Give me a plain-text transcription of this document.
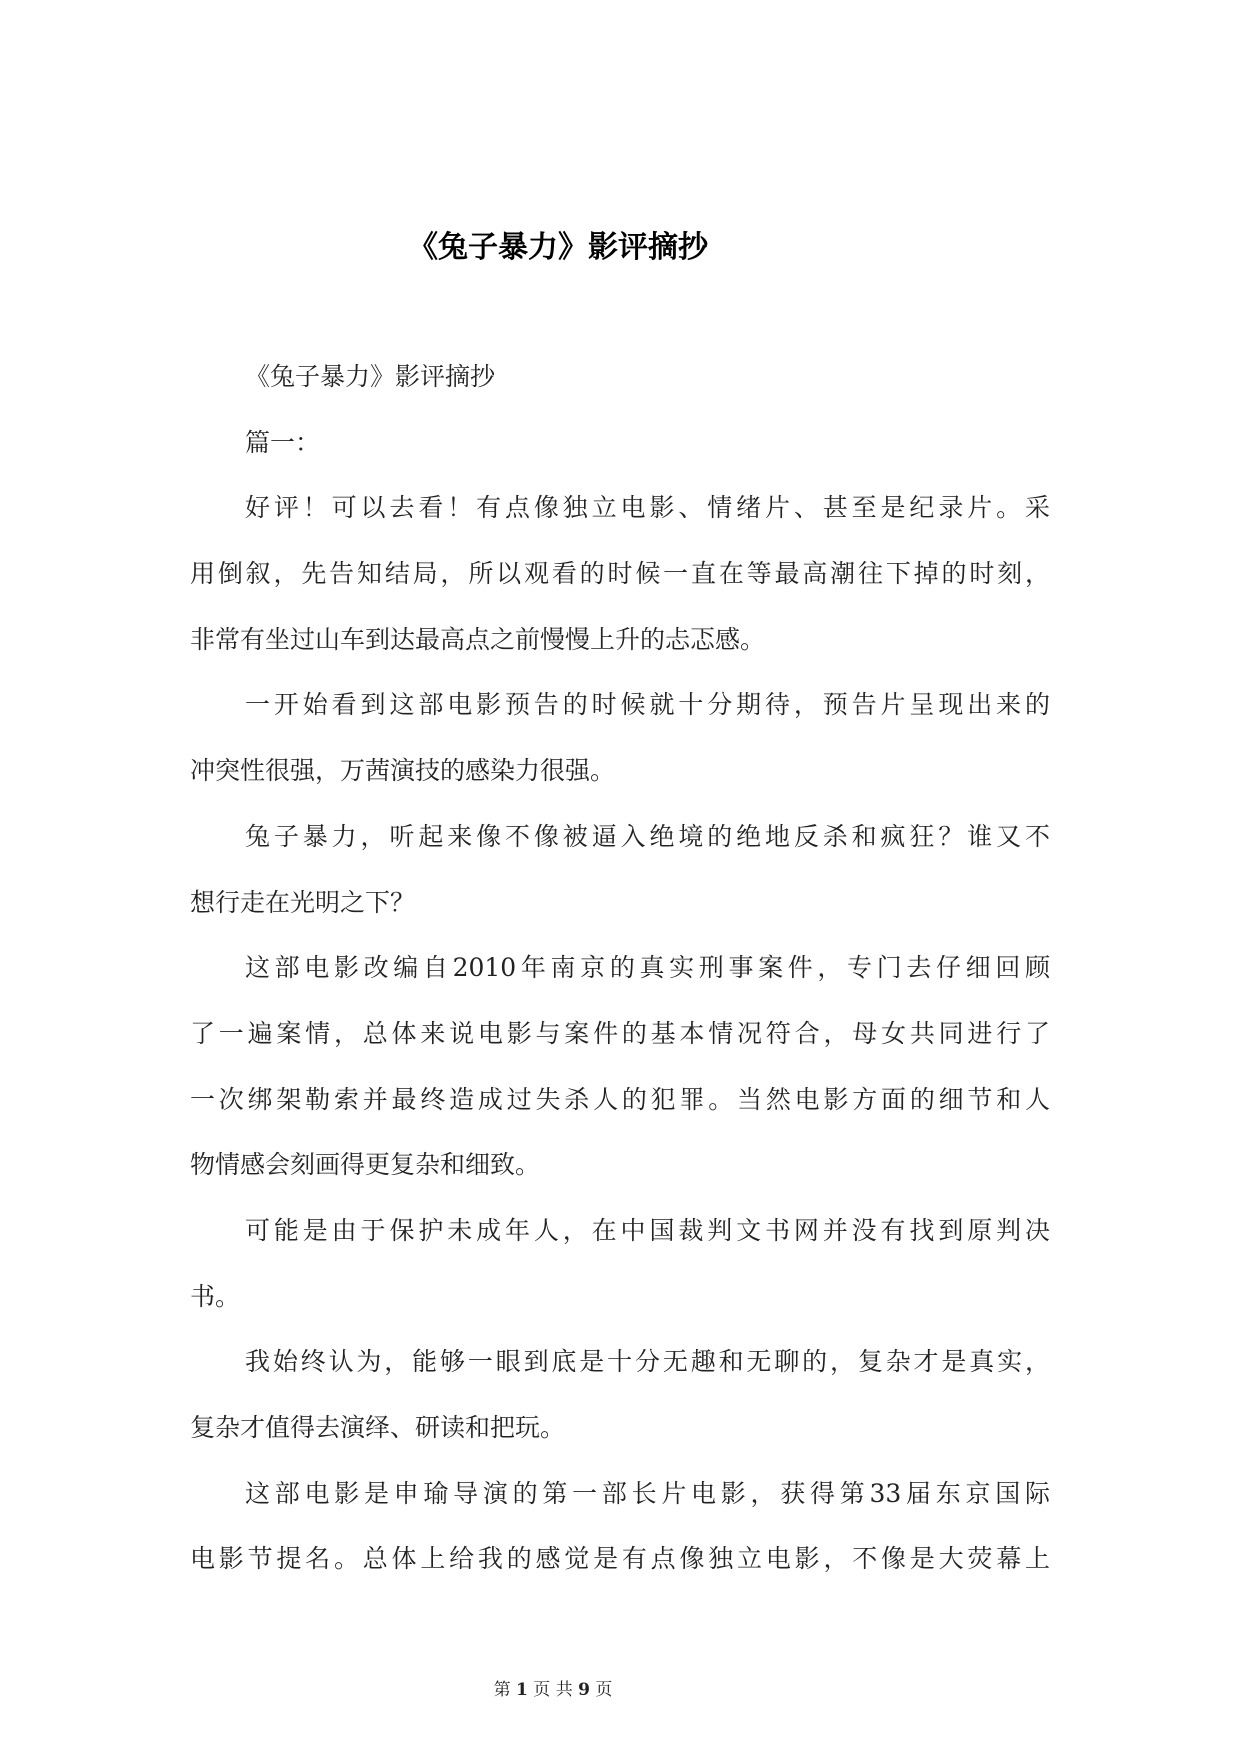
《兔子暴力》影评摘抄
《兔子暴力》影评摘抄
篇一：
好评！可以去看！有点像独立电影、情绪片、甚至是纪录片。采
用倒叙，先告知结局，所以观看的时候一直在等最高潮往下掉的时刻，
非常有坐过山车到达最高点之前慢慢上升的忐忑感。
一开始看到这部电影预告的时候就十分期待，预告片呈现出来的
冲突性很强，万茜演技的感染力很强。
兔子暴力，听起来像不像被逼入绝境的绝地反杀和疯狂？谁又不
想行走在光明之下？
这部电影改编自2010年南京的真实刑事案件，专门去仔细回顾
了一遍案情，总体来说电影与案件的基本情况符合，母女共同进行了
一次绑架勒索并最终造成过失杀人的犯罪。当然电影方面的细节和人
物情感会刻画得更复杂和细致。
可能是由于保护未成年人，在中国裁判文书网并没有找到原判决
书。
我始终认为，能够一眼到底是十分无趣和无聊的，复杂才是真实，
复杂才值得去演绎、研读和把玩。
这部电影是申瑜导演的第一部长片电影，获得第33届东京国际
电影节提名。总体上给我的感觉是有点像独立电影，不像是大荧幕上
第 1 页 共 9 页
